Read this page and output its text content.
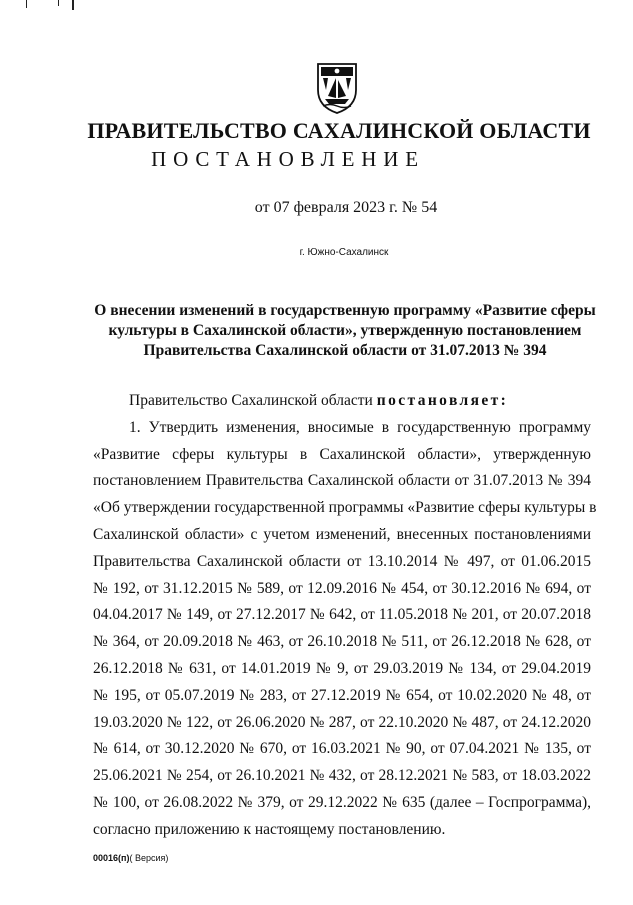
ПРАВИТЕЛЬСТВО САХАЛИНСКОЙ ОБЛАСТИ
ПОСТАНОВЛЕНИЕ
от 07 февраля 2023 г. № 54
г. Южно-Сахалинск
О внесении изменений в государственную программу «Развитие сферы
культуры в Сахалинской области», утвержденную постановлением
Правительства Сахалинской области от 31.07.2013 № 394
Правительство Сахалинской области постановляет:
1. Утвердить изменения, вносимые в государственную программу
«Развитие сферы культуры в Сахалинской области», утвержденную
постановлением Правительства Сахалинской области от 31.07.2013 № 394
«Об утверждении государственной программы «Развитие сферы культуры в
Сахалинской области» с учетом изменений, внесенных постановлениями
Правительства Сахалинской области от 13.10.2014 № 497, от 01.06.2015
№ 192, от 31.12.2015 № 589, от 12.09.2016 № 454, от 30.12.2016 № 694, от
04.04.2017 № 149, от 27.12.2017 № 642, от 11.05.2018 № 201, от 20.07.2018
№ 364, от 20.09.2018 № 463, от 26.10.2018 № 511, от 26.12.2018 № 628, от
26.12.2018 № 631, от 14.01.2019 № 9, от 29.03.2019 № 134, от 29.04.2019
№ 195, от 05.07.2019 № 283, от 27.12.2019 № 654, от 10.02.2020 № 48, от
19.03.2020 № 122, от 26.06.2020 № 287, от 22.10.2020 № 487, от 24.12.2020
№ 614, от 30.12.2020 № 670, от 16.03.2021 № 90, от 07.04.2021 № 135, от
25.06.2021 № 254, от 26.10.2021 № 432, от 28.12.2021 № 583, от 18.03.2022
№ 100, от 26.08.2022 № 379, от 29.12.2022 № 635 (далее – Госпрограмма),
согласно приложению к настоящему постановлению.
00016(п)( Версия)
